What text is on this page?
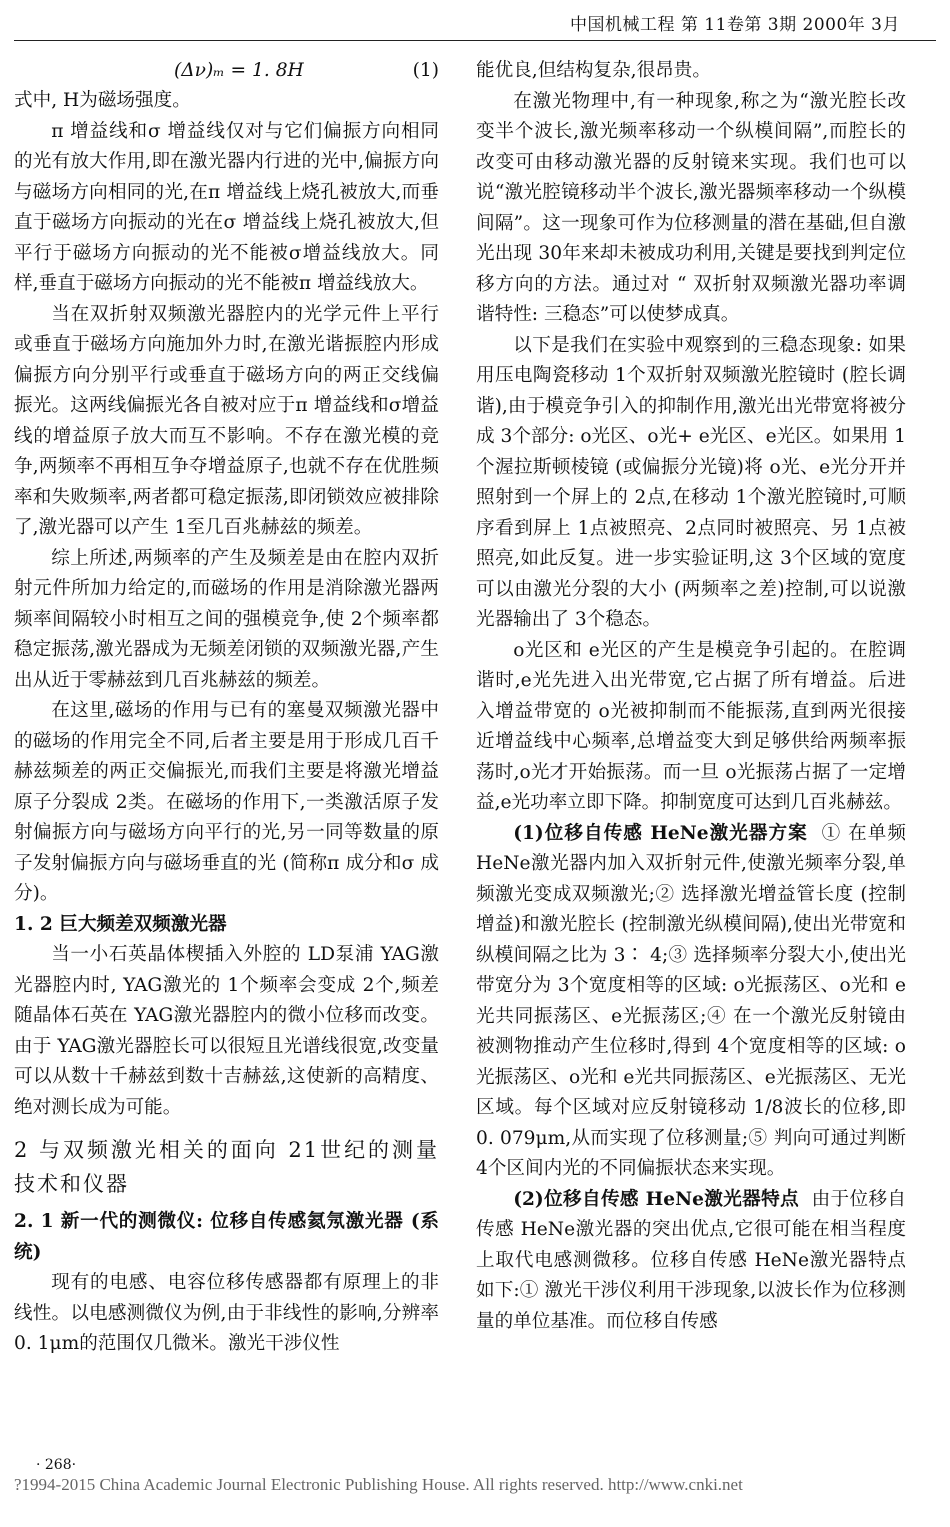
中国机械工程 第 11卷第 3期 2000年 3月
(Δν)ₘ = 1. 8H	(1)

式中, H为磁场强度。

π 增益线和σ 增益线仅对与它们偏振方向相同的光有放大作用,即在激光器内行进的光中,偏振方向与磁场方向相同的光,在π 增益线上烧孔被放大,而垂直于磁场方向振动的光在σ 增益线上烧孔被放大,但平行于磁场方向振动的光不能被σ增益线放大。同样,垂直于磁场方向振动的光不能被π 增益线放大。

当在双折射双频激光器腔内的光学元件上平行或垂直于磁场方向施加外力时,在激光谐振腔内形成偏振方向分别平行或垂直于磁场方向的两正交线偏振光。这两线偏振光各自被对应于π 增益线和σ增益线的增益原子放大而互不影响。不存在激光模的竞争,两频率不再相互争夺增益原子,也就不存在优胜频率和失败频率,两者都可稳定振荡,即闭锁效应被排除了,激光器可以产生 1至几百兆赫兹的频差。

综上所述,两频率的产生及频差是由在腔内双折射元件所加力给定的,而磁场的作用是消除激光器两频率间隔较小时相互之间的强模竞争,使 2个频率都稳定振荡,激光器成为无频差闭锁的双频激光器,产生出从近于零赫兹到几百兆赫兹的频差。

在这里,磁场的作用与已有的塞曼双频激光器中的磁场的作用完全不同,后者主要是用于形成几百千赫兹频差的两正交偏振光,而我们主要是将激光增益原子分裂成 2类。在磁场的作用下,一类激活原子发射偏振方向与磁场方向平行的光,另一同等数量的原子发射偏振方向与磁场垂直的光 (简称π 成分和σ 成分)。

1. 2 巨大频差双频激光器

当一小石英晶体楔插入外腔的 LD泵浦 YAG激光器腔内时, YAG激光的 1个频率会变成 2个,频差随晶体石英在 YAG激光器腔内的微小位移而改变。由于 YAG激光器腔长可以很短且光谱线很宽,改变量可以从数十千赫兹到数十吉赫兹,这使新的高精度、绝对测长成为可能。

2 与双频激光相关的面向 21世纪的测量技术和仪器

2. 1 新一代的测微仪: 位移自传感氦氖激光器 (系统)

现有的电感、电容位移传感器都有原理上的非线性。以电感测微仪为例,由于非线性的影响,分辨率 0. 1μm的范围仅几微米。激光干涉仪性

能优良,但结构复杂,很昂贵。

在激光物理中,有一种现象,称之为“激光腔长改变半个波长,激光频率移动一个纵模间隔”,而腔长的改变可由移动激光器的反射镜来实现。我们也可以说“激光腔镜移动半个波长,激光器频率移动一个纵模间隔”。这一现象可作为位移测量的潜在基础,但自激光出现 30年来却未被成功利用,关键是要找到判定位移方向的方法。通过对 “ 双折射双频激光器功率调谐特性: 三稳态”可以使梦成真。

以下是我们在实验中观察到的三稳态现象: 如果用压电陶瓷移动 1个双折射双频激光腔镜时 (腔长调谐),由于模竞争引入的抑制作用,激光出光带宽将被分成 3个部分: o光区、o光+ e光区、e光区。如果用 1个渥拉斯顿棱镜 (或偏振分光镜)将 o光、e光分开并照射到一个屏上的 2点,在移动 1个激光腔镜时,可顺序看到屏上 1点被照亮、2点同时被照亮、另 1点被照亮,如此反复。进一步实验证明,这 3个区域的宽度可以由激光分裂的大小 (两频率之差)控制,可以说激光器输出了 3个稳态。

o光区和 e光区的产生是模竞争引起的。在腔调谐时,e光先进入出光带宽,它占据了所有增益。后进入增益带宽的 o光被抑制而不能振荡,直到两光很接近增益线中心频率,总增益变大到足够供给两频率振荡时,o光才开始振荡。而一旦 o光振荡占据了一定增益,e光功率立即下降。抑制宽度可达到几百兆赫兹。

(1)位移自传感 HeNe激光器方案 ① 在单频 HeNe激光器内加入双折射元件,使激光频率分裂,单频激光变成双频激光;② 选择激光增益管长度 (控制增益)和激光腔长 (控制激光纵模间隔),使出光带宽和纵模间隔之比为 3∶ 4;③ 选择频率分裂大小,使出光带宽分为 3个宽度相等的区域: o光振荡区、o光和 e光共同振荡区、e光振荡区;④ 在一个激光反射镜由被测物推动产生位移时,得到 4个宽度相等的区域: o光振荡区、o光和 e光共同振荡区、e光振荡区、无光区域。每个区域对应反射镜移动 1/8波长的位移,即 0. 079μm,从而实现了位移测量;⑤ 判向可通过判断 4个区间内光的不同偏振状态来实现。

(2)位移自传感 HeNe激光器特点 由于位移自传感 HeNe激光器的突出优点,它很可能在相当程度上取代电感测微移。位移自传感 HeNe激光器特点如下:① 激光干涉仪利用干涉现象,以波长作为位移测量的单位基准。而位移自传感

· 268·
?1994-2015 China Academic Journal Electronic Publishing House. All rights reserved. http://www.cnki.net
